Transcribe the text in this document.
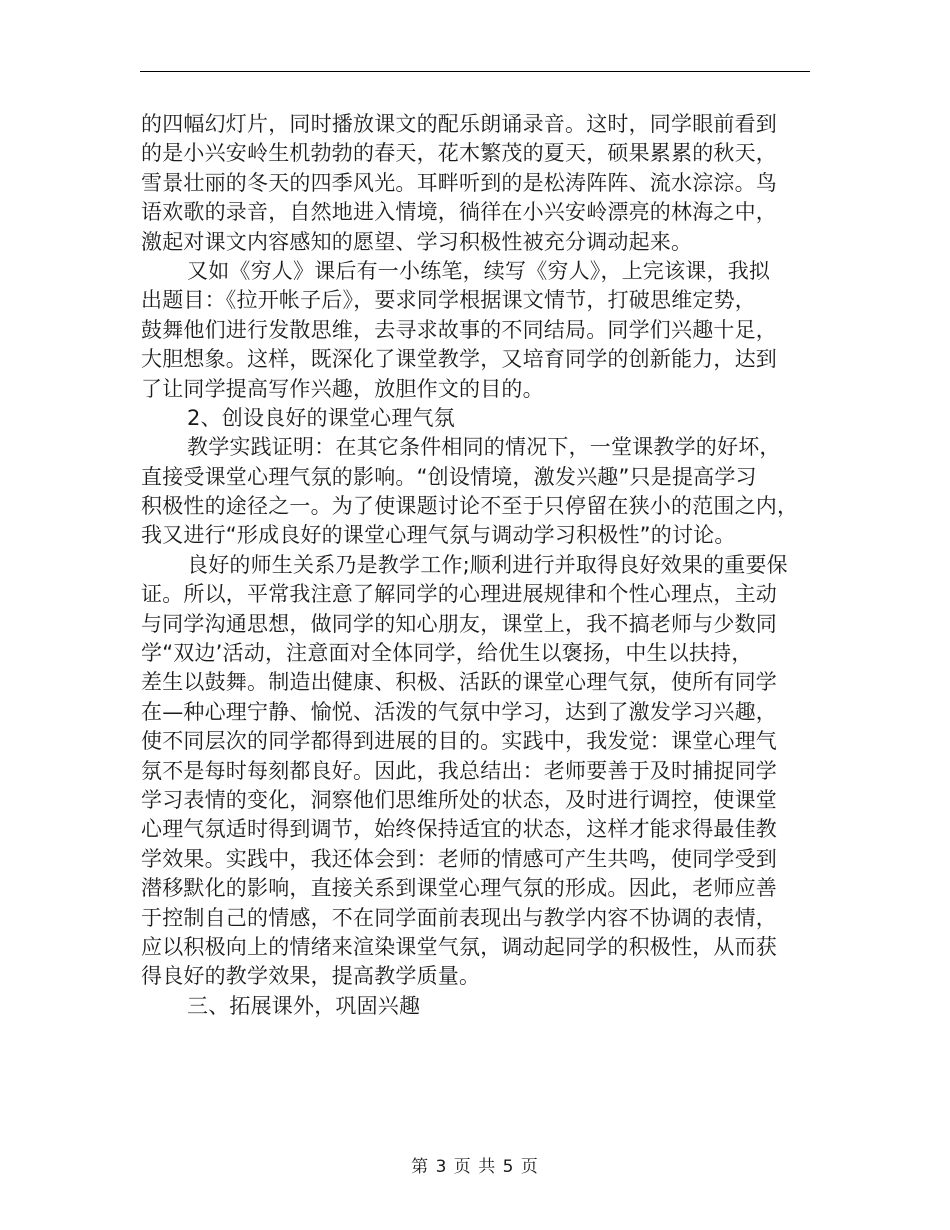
的四幅幻灯片，同时播放课文的配乐朗诵录音。这时，同学眼前看到
的是小兴安岭生机勃勃的春天，花木繁茂的夏天，硕果累累的秋天，
雪景壮丽的冬天的四季风光。耳畔听到的是松涛阵阵、流水淙淙。鸟
语欢歌的录音，自然地进入情境，徜徉在小兴安岭漂亮的林海之中，
激起对课文内容感知的愿望、学习积极性被充分调动起来。
又如《穷人》课后有一小练笔，续写《穷人》，上完该课，我拟
出题目：《拉开帐子后》，要求同学根据课文情节，打破思维定势，
鼓舞他们进行发散思维，去寻求故事的不同结局。同学们兴趣十足，
大胆想象。这样，既深化了课堂教学，又培育同学的创新能力，达到
了让同学提高写作兴趣，放胆作文的目的。
2、创设良好的课堂心理气氛
教学实践证明：在其它条件相同的情况下，一堂课教学的好坏，
直接受课堂心理气氛的影响。“创设情境，激发兴趣”只是提高学习
积极性的途径之一。为了使课题讨论不至于只停留在狭小的范围之内，
我又进行“形成良好的课堂心理气氛与调动学习积极性”的讨论。
良好的师生关系乃是教学工作;顺利进行并取得良好效果的重要保
证。所以，平常我注意了解同学的心理进展规律和个性心理点，主动
与同学沟通思想，做同学的知心朋友，课堂上，我不搞老师与少数同
学“双边’活动，注意面对全体同学，给优生以褒扬，中生以扶持，
差生以鼓舞。制造出健康、积极、活跃的课堂心理气氛，使所有同学
在—种心理宁静、愉悦、活泼的气氛中学习，达到了激发学习兴趣，
使不同层次的同学都得到进展的目的。实践中，我发觉：课堂心理气
氛不是每时每刻都良好。因此，我总结出：老师要善于及时捕捉同学
学习表情的变化，洞察他们思维所处的状态，及时进行调控，使课堂
心理气氛适时得到调节，始终保持适宜的状态，这样才能求得最佳教
学效果。实践中，我还体会到：老师的情感可产生共鸣，使同学受到
潜移默化的影响，直接关系到课堂心理气氛的形成。因此，老师应善
于控制自己的情感，不在同学面前表现出与教学内容不协调的表情，
应以积极向上的情绪来渲染课堂气氛，调动起同学的积极性，从而获
得良好的教学效果，提高教学质量。
三、拓展课外，巩固兴趣
第 3 页 共 5 页
